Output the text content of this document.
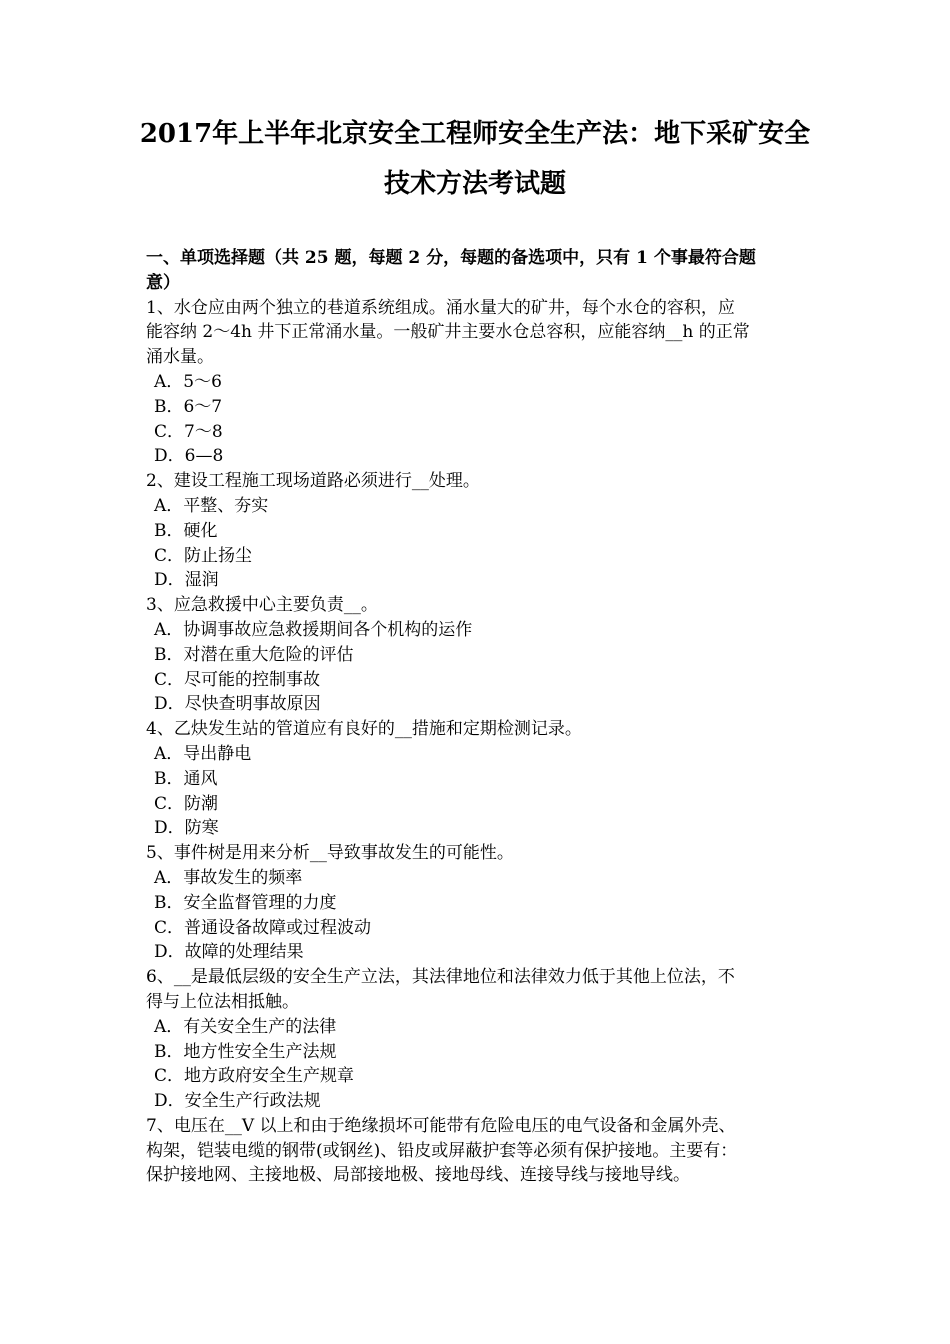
2017年上半年北京安全工程师安全生产法：地下采矿安全
技术方法考试题
一、单项选择题（共 25 题，每题 2 分，每题的备选项中，只有 1 个事最符合题
意）
1、水仓应由两个独立的巷道系统组成。涌水量大的矿井，每个水仓的容积，应
能容纳 2～4h 井下正常涌水量。一般矿井主要水仓总容积，应能容纳__h 的正常
涌水量。
A．5～6
B．6～7
C．7～8
D．6—8
2、建设工程施工现场道路必须进行__处理。
A．平整、夯实
B．硬化
C．防止扬尘
D．湿润
3、应急救援中心主要负责__。
A．协调事故应急救援期间各个机构的运作
B．对潜在重大危险的评估
C．尽可能的控制事故
D．尽快查明事故原因
4、乙炔发生站的管道应有良好的__措施和定期检测记录。
A．导出静电
B．通风
C．防潮
D．防寒
5、事件树是用来分析__导致事故发生的可能性。
A．事故发生的频率
B．安全监督管理的力度
C．普通设备故障或过程波动
D．故障的处理结果
6、__是最低层级的安全生产立法，其法律地位和法律效力低于其他上位法，不
得与上位法相抵触。
A．有关安全生产的法律
B．地方性安全生产法规
C．地方政府安全生产规章
D．安全生产行政法规
7、电压在__V 以上和由于绝缘损坏可能带有危险电压的电气设备和金属外壳、
构架，铠装电缆的钢带(或钢丝)、铅皮或屏蔽护套等必须有保护接地。主要有：
保护接地网、主接地极、局部接地极、接地母线、连接导线与接地导线。
